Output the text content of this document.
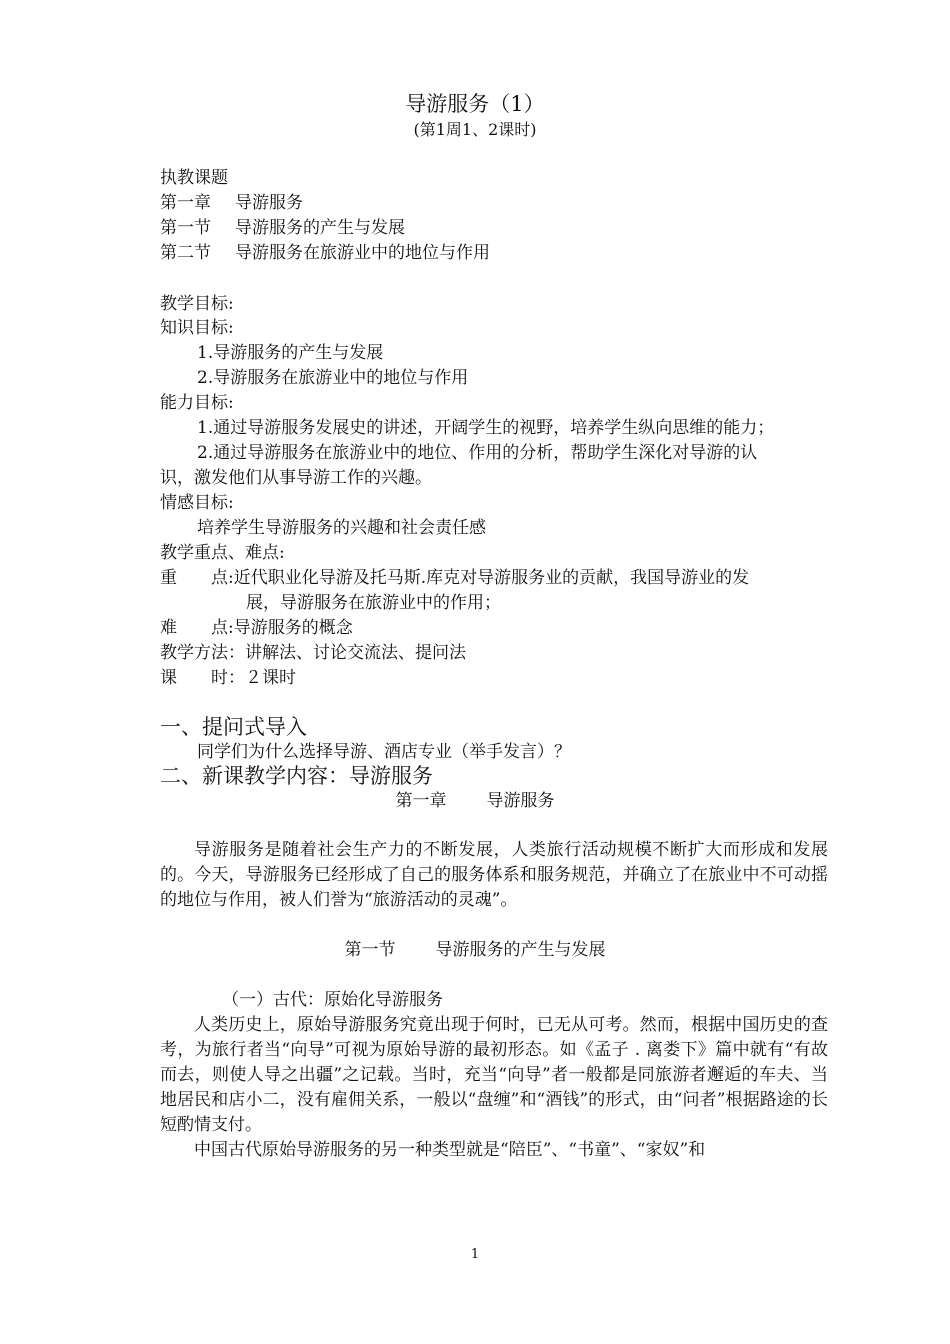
导游服务（1）
(第1周1、2课时)
执教课题
第一章 导游服务
第一节 导游服务的产生与发展
第二节 导游服务在旅游业中的地位与作用
教学目标:
知识目标:
1.导游服务的产生与发展
2.导游服务在旅游业中的地位与作用
能力目标:
1.通过导游服务发展史的讲述，开阔学生的视野，培养学生纵向思维的能力；
2.通过导游服务在旅游业中的地位、作用的分析，帮助学生深化对导游的认
识，激发他们从事导游工作的兴趣。
情感目标:
培养学生导游服务的兴趣和社会责任感
教学重点、难点:
重　　点:近代职业化导游及托马斯.库克对导游服务业的贡献，我国导游业的发
展，导游服务在旅游业中的作用；
难　　点:导游服务的概念
教学方法：讲解法、讨论交流法、提问法
课　　时：２课时
一、提问式导入
同学们为什么选择导游、酒店专业（举手发言）？
二、新课教学内容：导游服务
第一章 导游服务
导游服务是随着社会生产力的不断发展，人类旅行活动规模不断扩大而形成和发展的。今天，导游服务已经形成了自己的服务体系和服务规范，并确立了在旅业中不可动摇的地位与作用，被人们誉为“旅游活动的灵魂”。
第一节 导游服务的产生与发展
（一）古代：原始化导游服务
人类历史上，原始导游服务究竟出现于何时，已无从可考。然而，根据中国历史的查考，为旅行者当“向导”可视为原始导游的最初形态。如《孟子 . 离娄下》篇中就有“有故而去，则使人导之出疆”之记载。当时，充当“向导”者一般都是同旅游者邂逅的车夫、当地居民和店小二，没有雇佣关系，一般以“盘缠”和“酒钱”的形式，由“问者”根据路途的长短酌情支付。
中国古代原始导游服务的另一种类型就是“陪臣”、“书童”、“家奴”和
1
